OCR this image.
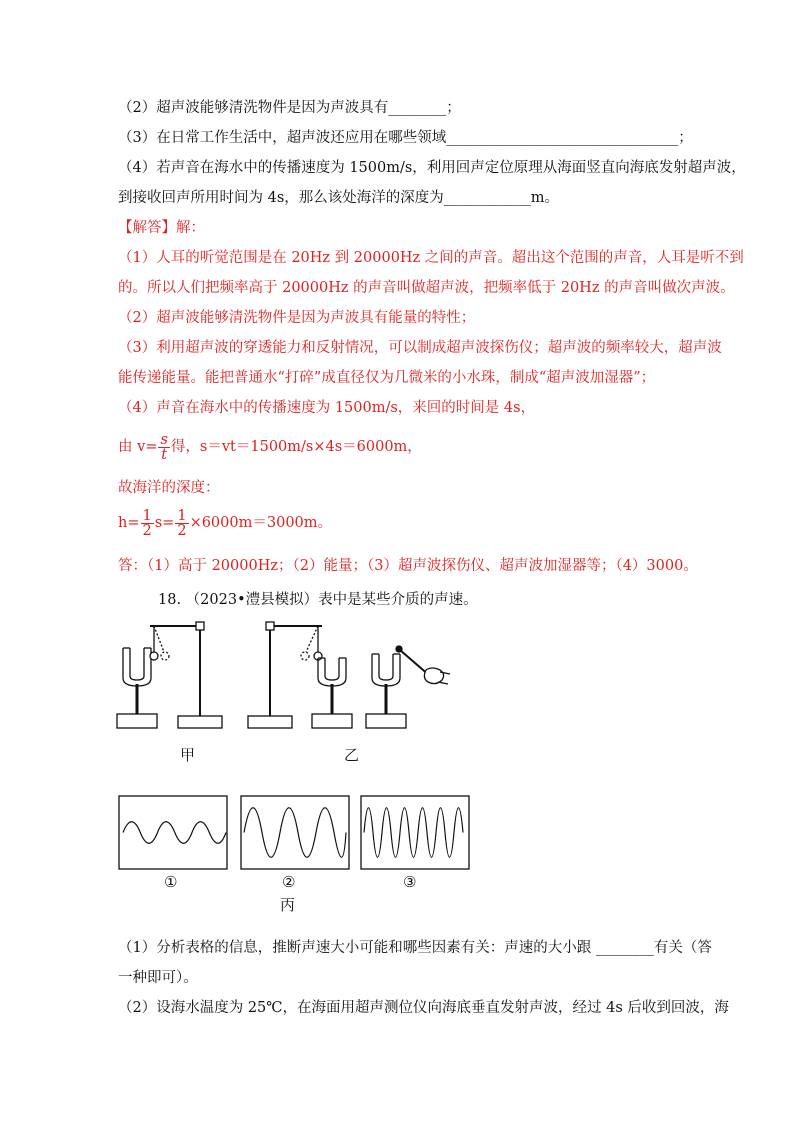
（2）超声波能够清洗物件是因为声波具有________；
（3）在日常工作生活中，超声波还应用在哪些领域________________________________；
（4）若声音在海水中的传播速度为 1500m/s，利用回声定位原理从海面竖直向海底发射超声波，
到接收回声所用时间为 4s，那么该处海洋的深度为____________m。
【解答】解：
（1）人耳的听觉范围是在 20Hz 到 20000Hz 之间的声音。超出这个范围的声音，人耳是听不到
的。所以人们把频率高于 20000Hz 的声音叫做超声波，把频率低于 20Hz 的声音叫做次声波。
（2）超声波能够清洗物件是因为声波具有能量的特性；
（3）利用超声波的穿透能力和反射情况，可以制成超声波探伤仪；超声波的频率较大，超声波
能传递能量。能把普通水“打碎”成直径仅为几微米的小水珠，制成“超声波加湿器”；
（4）声音在海水中的传播速度为 1500m/s，来回的时间是 4s，
由 $v= \frac{s}{t}$ 得，s＝vt＝1500m/s×4s＝6000m，
故海洋的深度：
$h= \frac{1}{2} s= \frac{1}{2} \times 6000m=3000m$。
答：（1）高于 20000Hz；（2）能量；（3）超声波探伤仪、超声波加湿器等；（4）3000。
18. （2023•澧县模拟）表中是某些介质的声速。
甲	乙
①	②	③
丙
（1）分析表格的信息，推断声速大小可能和哪些因素有关：声速的大小跟 ________有关（答
一种即可）。
（2）设海水温度为 25℃，在海面用超声测位仪向海底垂直发射声波，经过 4s 后收到回波，海
